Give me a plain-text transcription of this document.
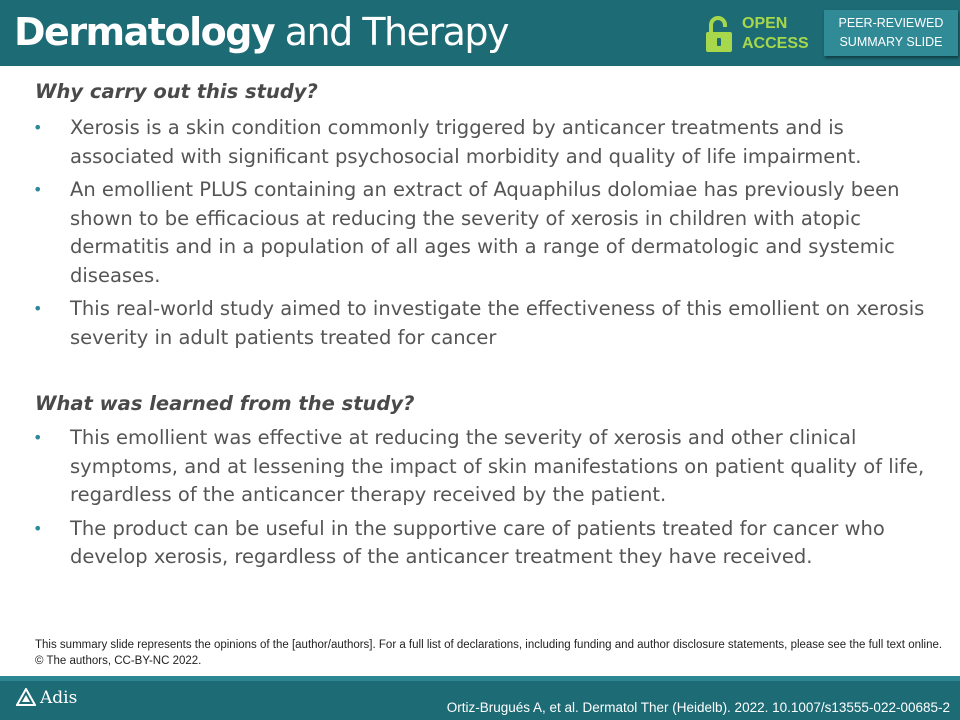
Dermatology and Therapy	OPEN
ACCESS
PEER-REVIEWED
SUMMARY SLIDE
Why carry out this study?
• Xerosis is a skin condition commonly triggered by anticancer treatments and is associated with significant psychosocial morbidity and quality of life impairment.
• An emollient PLUS containing an extract of Aquaphilus dolomiae has previously been shown to be efficacious at reducing the severity of xerosis in children with atopic dermatitis and in a population of all ages with a range of dermatologic and systemic diseases.
• This real-world study aimed to investigate the effectiveness of this emollient on xerosis severity in adult patients treated for cancer
What was learned from the study?
• This emollient was effective at reducing the severity of xerosis and other clinical symptoms, and at lessening the impact of skin manifestations on patient quality of life, regardless of the anticancer therapy received by the patient.
• The product can be useful in the supportive care of patients treated for cancer who develop xerosis, regardless of the anticancer treatment they have received.
This summary slide represents the opinions of the [author/authors]. For a full list of declarations, including funding and author disclosure statements, please see the full text online. © The authors, CC-BY-NC 2022.
Adis	Ortiz-Brugués A, et al. Dermatol Ther (Heidelb). 2022. 10.1007/s13555-022-00685-2
